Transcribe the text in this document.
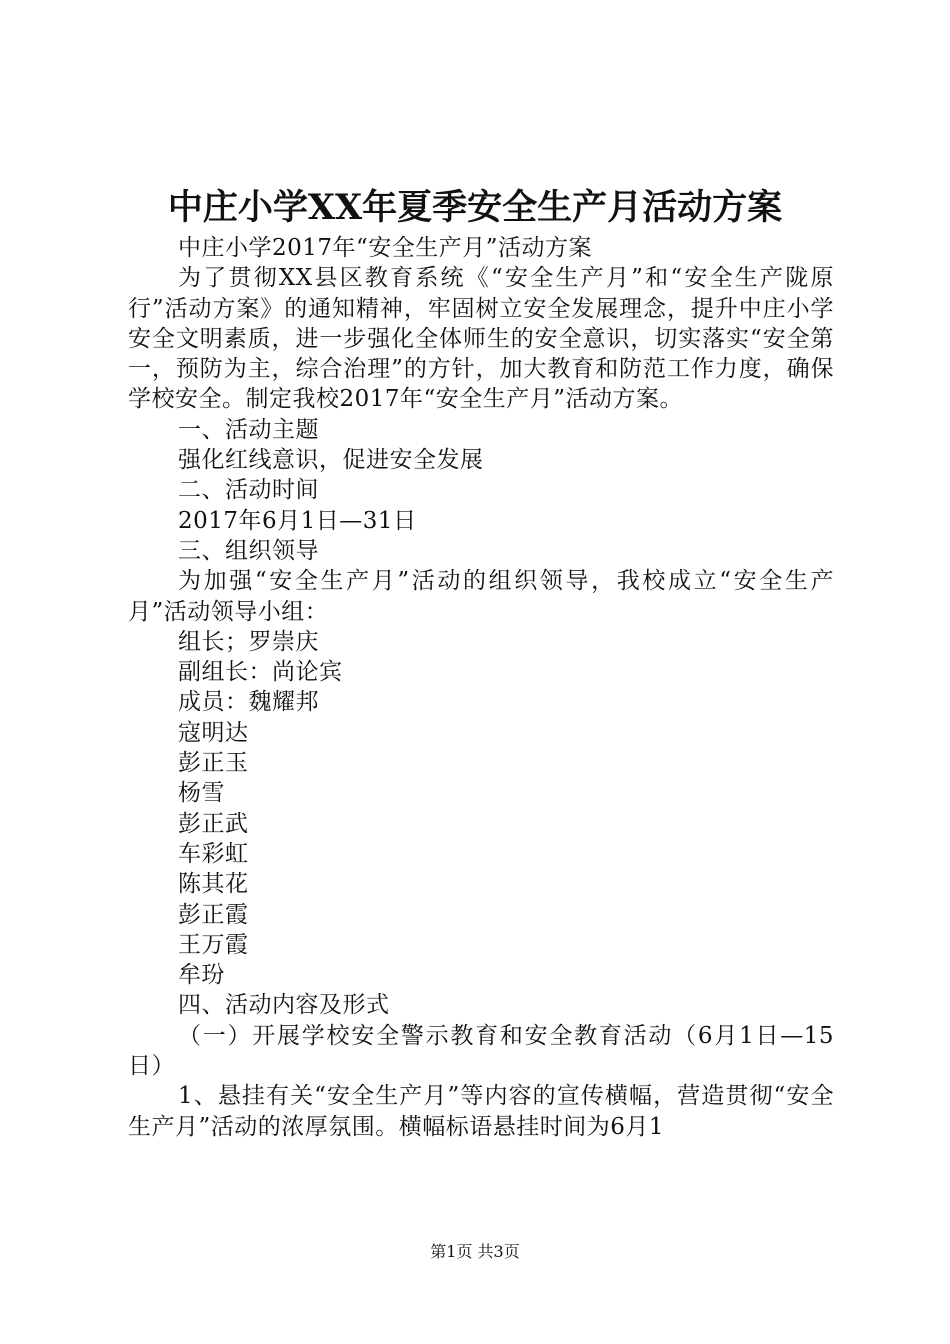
中庄小学XX年夏季安全生产月活动方案

中庄小学2017年“安全生产月”活动方案

为了贯彻XX县区教育系统《“安全生产月”和“安全生产陇原行”活动方案》的通知精神，牢固树立安全发展理念，提升中庄小学安全文明素质，进一步强化全体师生的安全意识，切实落实“安全第一，预防为主，综合治理”的方针，加大教育和防范工作力度，确保学校安全。制定我校2017年“安全生产月”活动方案。

一、活动主题

强化红线意识，促进安全发展

二、活动时间

2017年6月1日—31日

三、组织领导

为加强“安全生产月”活动的组织领导，我校成立“安全生产月”活动领导小组：

组长；罗崇庆

副组长：尚论宾

成员：魏耀邦

寇明达

彭正玉

杨雪

彭正武

车彩虹

陈其花

彭正霞

王万霞

牟玢

四、活动内容及形式

（一）开展学校安全警示教育和安全教育活动（6月1日—15日）

1、悬挂有关“安全生产月”等内容的宣传横幅，营造贯彻“安全生产月”活动的浓厚氛围。横幅标语悬挂时间为6月1

第1页 共3页
